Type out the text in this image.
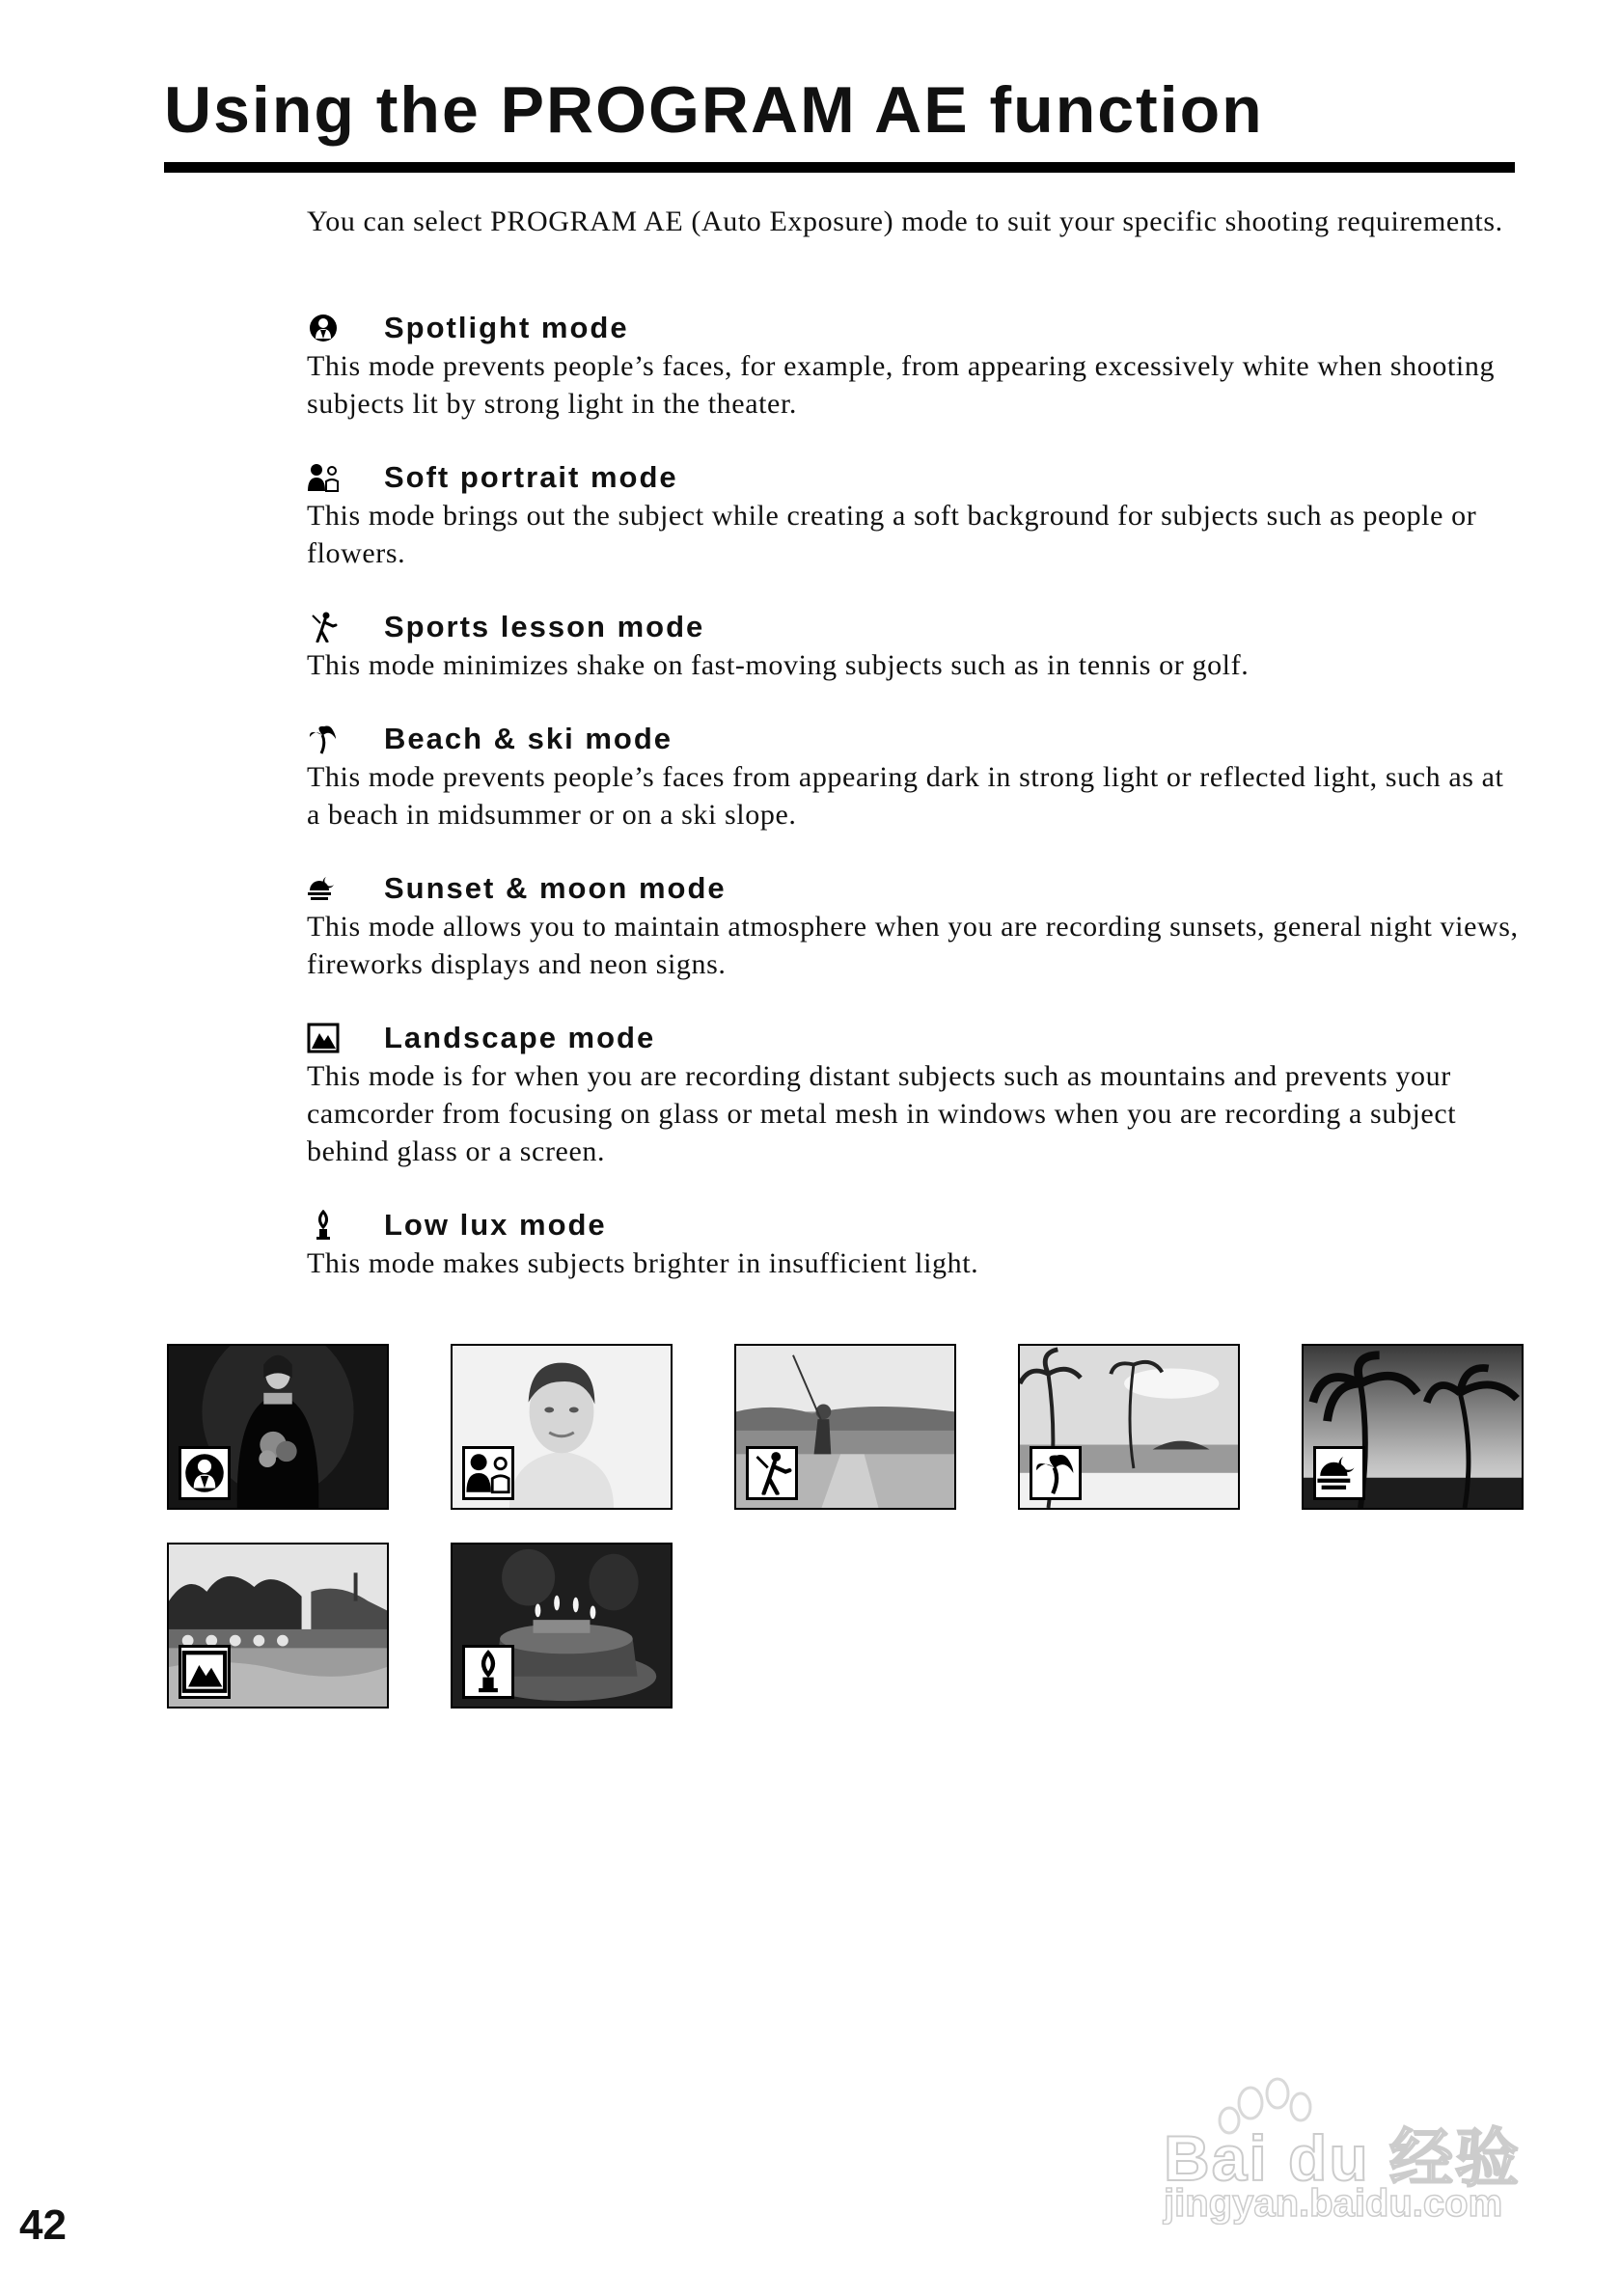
Using the PROGRAM AE function

You can select PROGRAM AE (Auto Exposure) mode to suit your specific shooting requirements.

Spotlight mode

This mode prevents people’s faces, for example, from appearing excessively white when shooting subjects lit by strong light in the theater.

Soft portrait mode

This mode brings out the subject while creating a soft background for subjects such as people or flowers.

Sports lesson mode

This mode minimizes shake on fast-moving subjects such as in tennis or golf.

Beach & ski mode

This mode prevents people’s faces from appearing dark in strong light or reflected light, such as at a beach in midsummer or on a ski slope.

Sunset & moon mode

This mode allows you to maintain atmosphere when you are recording sunsets, general night views, fireworks displays and neon signs.

Landscape mode

This mode is for when you are recording distant subjects such as mountains and prevents your camcorder from focusing on glass or metal mesh in windows when you are recording a subject behind glass or a screen.

Low lux mode

This mode makes subjects brighter in insufficient light.

42

Bai du 经验

jingyan.baidu.com
